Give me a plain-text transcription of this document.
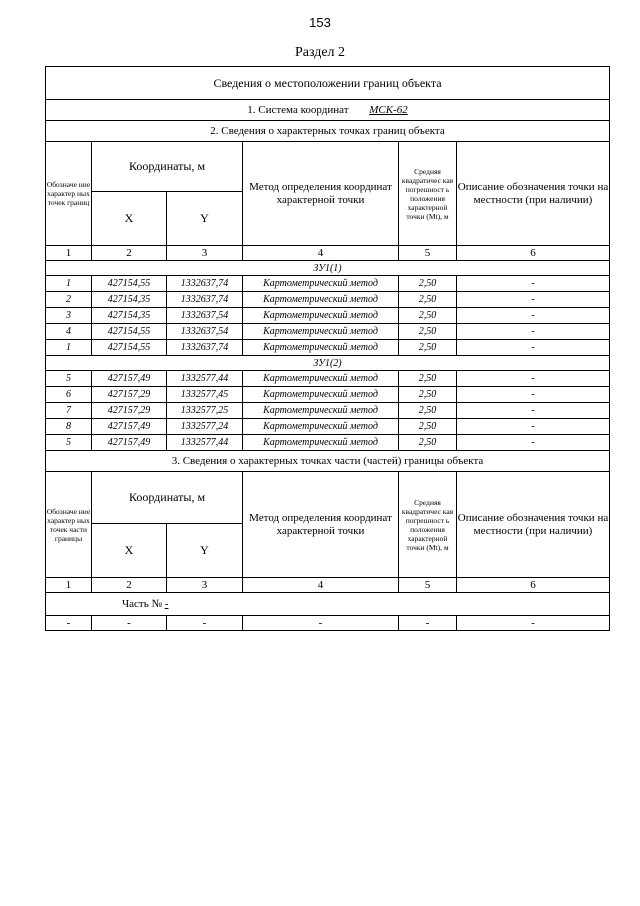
153
Раздел 2
Сведения о местоположении границ объекта					
1. Система координат МСК-62					
2. Сведения о характерных точках границ объекта					
Обозначе ние характер ных точек границ	Координаты, м		Метод определения координат характерной точки	Средняя квадратичес кая погрешност ь положения характерной точки (Mt), м	Описание обозначения точки на местности (при наличии)
	X	Y			
1	2	3	4	5	6
ЗУ1(1)					
1	427154,55	1332637,74	Картометрический метод	2,50	-
2	427154,35	1332637,74	Картометрический метод	2,50	-
3	427154,35	1332637,54	Картометрический метод	2,50	-
4	427154,55	1332637,54	Картометрический метод	2,50	-
1	427154,55	1332637,74	Картометрический метод	2,50	-
ЗУ1(2)					
5	427157,49	1332577,44	Картометрический метод	2,50	-
6	427157,29	1332577,45	Картометрический метод	2,50	-
7	427157,29	1332577,25	Картометрический метод	2,50	-
8	427157,49	1332577,24	Картометрический метод	2,50	-
5	427157,49	1332577,44	Картометрический метод	2,50	-
3. Сведения о характерных точках части (частей) границы объекта					
Обозначе ние характер ных точек части границы	Координаты, м		Метод определения координат характерной точки	Средняя квадратичес кая погрешност ь положения характерной точки (Mt), м	Описание обозначения точки на местности (при наличии)
	X	Y			
1	2	3	4	5	6
Часть № -					
-	-	-	-	-	-
